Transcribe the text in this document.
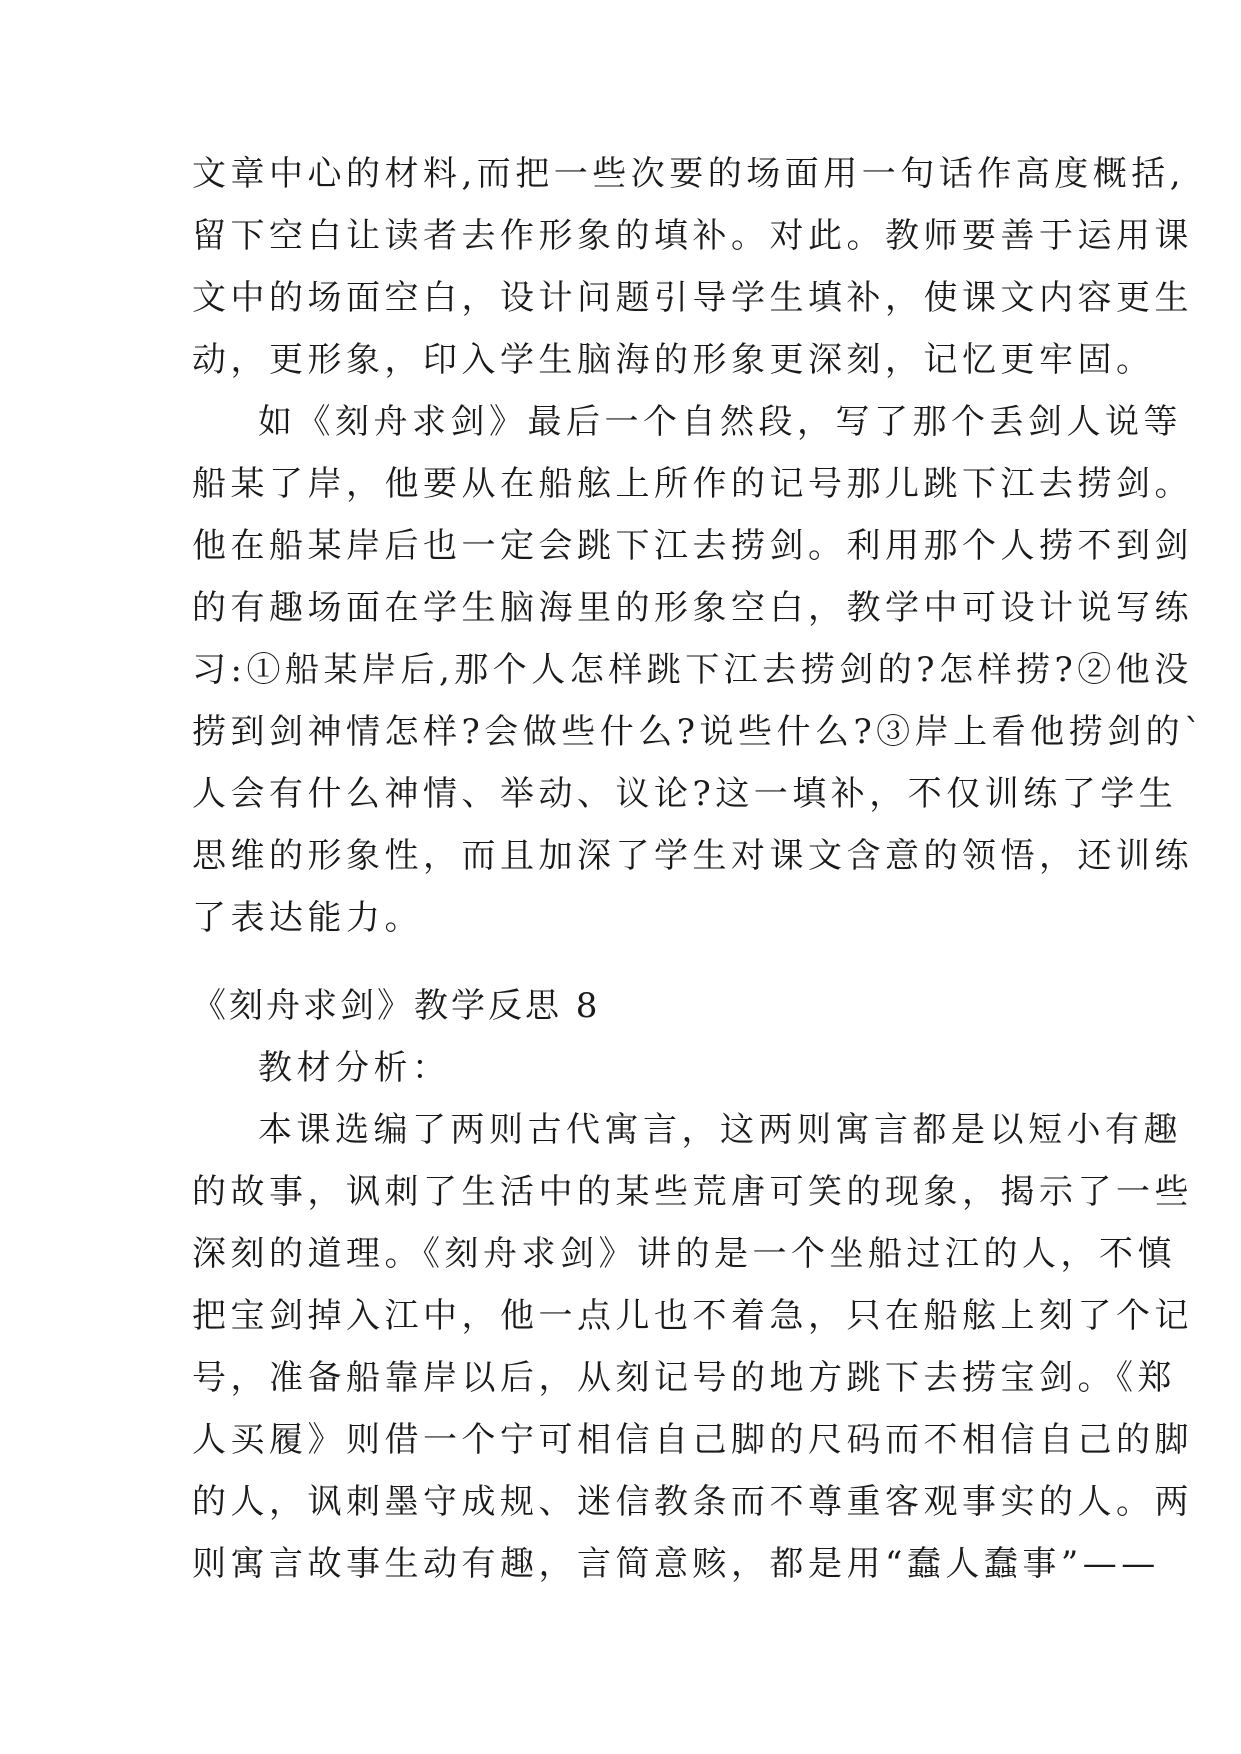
文章中心的材料,而把一些次要的场面用一句话作高度概括,
留下空白让读者去作形象的填补。对此。教师要善于运用课
文中的场面空白，设计问题引导学生填补，使课文内容更生
动，更形象，印入学生脑海的形象更深刻，记忆更牢固。
如《刻舟求剑》最后一个自然段，写了那个丢剑人说等
船某了岸，他要从在船舷上所作的记号那儿跳下江去捞剑。
他在船某岸后也一定会跳下江去捞剑。利用那个人捞不到剑
的有趣场面在学生脑海里的形象空白，教学中可设计说写练
习:①船某岸后,那个人怎样跳下江去捞剑的?怎样捞?②他没
捞到剑神情怎样?会做些什么?说些什么?③岸上看他捞剑的`
人会有什么神情、举动、议论?这一填补，不仅训练了学生
思维的形象性，而且加深了学生对课文含意的领悟，还训练
了表达能力。
《刻舟求剑》教学反思 8
教材分析：
本课选编了两则古代寓言，这两则寓言都是以短小有趣
的故事，讽刺了生活中的某些荒唐可笑的现象，揭示了一些
深刻的道理。《刻舟求剑》讲的是一个坐船过江的人，不慎
把宝剑掉入江中，他一点儿也不着急，只在船舷上刻了个记
号，准备船靠岸以后，从刻记号的地方跳下去捞宝剑。《郑
人买履》则借一个宁可相信自己脚的尺码而不相信自己的脚
的人，讽刺墨守成规、迷信教条而不尊重客观事实的人。两
则寓言故事生动有趣，言简意赅，都是用“蠢人蠢事”——
